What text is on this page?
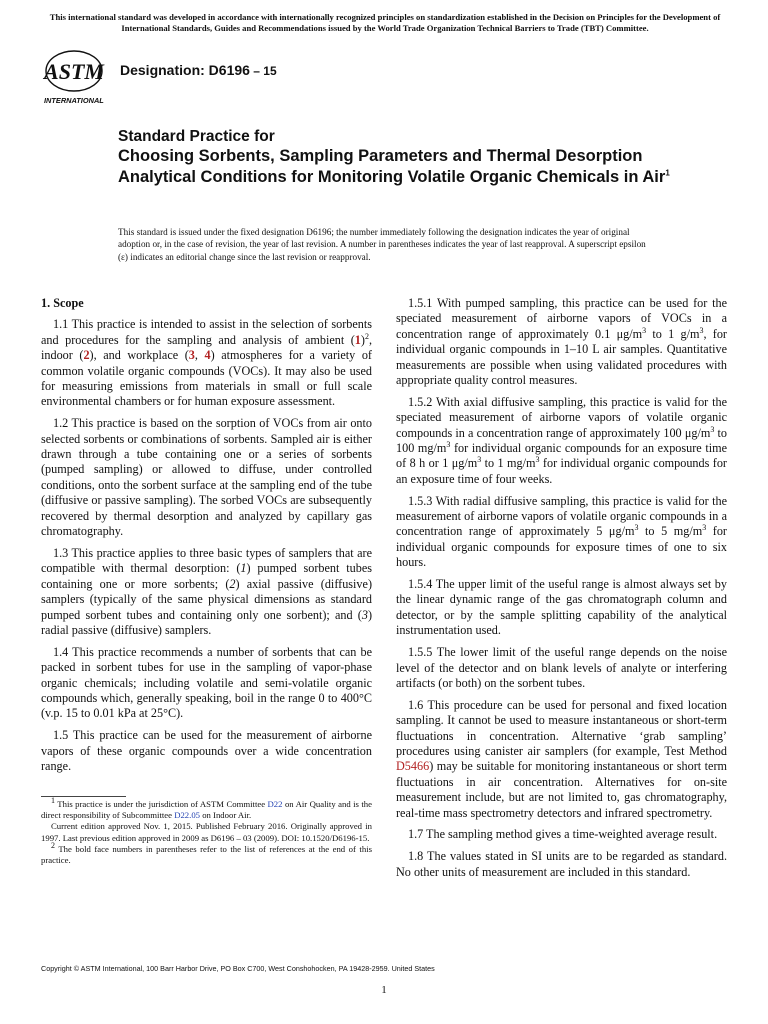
This international standard was developed in accordance with internationally recognized principles on standardization established in the Decision on Principles for the Development of International Standards, Guides and Recommendations issued by the World Trade Organization Technical Barriers to Trade (TBT) Committee.
ASTM
INTERNATIONAL
Designation: D6196 – 15
Standard Practice for
Choosing Sorbents, Sampling Parameters and Thermal Desorption Analytical Conditions for Monitoring Volatile Organic Chemicals in Air$^1$
This standard is issued under the fixed designation D6196; the number immediately following the designation indicates the year of original adoption or, in the case of revision, the year of last revision. A number in parentheses indicates the year of last reapproval. A superscript epsilon (ε) indicates an editorial change since the last revision or reapproval.
1. Scope

1.1 This practice is intended to assist in the selection of sorbents and procedures for the sampling and analysis of ambient $(1)^2$, indoor (2), and workplace (3, 4) atmospheres for a variety of common volatile organic compounds (VOCs). It may also be used for measuring emissions from materials in small or full scale environmental chambers or for human exposure assessment.

1.2 This practice is based on the sorption of VOCs from air onto selected sorbents or combinations of sorbents. Sampled air is either drawn through a tube containing one or a series of sorbents (pumped sampling) or allowed to diffuse, under controlled conditions, onto the sorbent surface at the sampling end of the tube (diffusive or passive sampling). The sorbed VOCs are subsequently recovered by thermal desorption and analyzed by capillary gas chromatography.

1.3 This practice applies to three basic types of samplers that are compatible with thermal desorption: (1) pumped sorbent tubes containing one or more sorbents; (2) axial passive (diffusive) samplers (typically of the same physical dimensions as standard pumped sorbent tubes and containing only one sorbent); and (3) radial passive (diffusive) samplers.

1.4 This practice recommends a number of sorbents that can be packed in sorbent tubes for use in the sampling of vapor-phase organic chemicals; including volatile and semi-volatile organic compounds which, generally speaking, boil in the range 0 to 400°C (v.p. 15 to 0.01 kPa at 25°C).

1.5 This practice can be used for the measurement of airborne vapors of these organic compounds over a wide concentration range.

$^1$ This practice is under the jurisdiction of ASTM Committee D22 on Air Quality and is the direct responsibility of Subcommittee D22.05 on Indoor Air.

Current edition approved Nov. 1, 2015. Published February 2016. Originally approved in 1997. Last previous edition approved in 2009 as D6196 – 03 (2009). DOI: 10.1520/D6196-15.

$^2$ The bold face numbers in parentheses refer to the list of references at the end of this practice.

1.5.1 With pumped sampling, this practice can be used for the speciated measurement of airborne vapors of VOCs in a concentration range of approximately 0.1 $\mu g/m^3$ to 1 $g/m^3$, for individual organic compounds in 1–10 L air samples. Quantitative measurements are possible when using validated procedures with appropriate quality control measures.

1.5.2 With axial diffusive sampling, this practice is valid for the speciated measurement of airborne vapors of volatile organic compounds in a concentration range of approximately 100 $\mu g/m^3$ to 100 $mg/m^3$ for individual organic compounds for an exposure time of 8 h or 1 $\mu g/m^3$ to 1 $mg/m^3$ for individual organic compounds for an exposure time of four weeks.

1.5.3 With radial diffusive sampling, this practice is valid for the measurement of airborne vapors of volatile organic compounds in a concentration range of approximately 5 $\mu g/m^3$ to 5 $mg/m^3$ for individual organic compounds for exposure times of one to six hours.

1.5.4 The upper limit of the useful range is almost always set by the linear dynamic range of the gas chromatograph column and detector, or by the sample splitting capability of the analytical instrumentation used.

1.5.5 The lower limit of the useful range depends on the noise level of the detector and on blank levels of analyte or interfering artifacts (or both) on the sorbent tubes.

1.6 This procedure can be used for personal and fixed location sampling. It cannot be used to measure instantaneous or short-term fluctuations in concentration. Alternative ‘grab sampling’ procedures using canister air samplers (for example, Test Method D5466) may be suitable for monitoring instantaneous or short term fluctuations in air concentration. Alternatives for on-site measurement include, but are not limited to, gas chromatography, real-time mass spectrometry detectors and infrared spectrometry.

1.7 The sampling method gives a time-weighted average result.

1.8 The values stated in SI units are to be regarded as standard. No other units of measurement are included in this standard.

Copyright © ASTM International, 100 Barr Harbor Drive, PO Box C700, West Conshohocken, PA 19428-2959. United States
1
